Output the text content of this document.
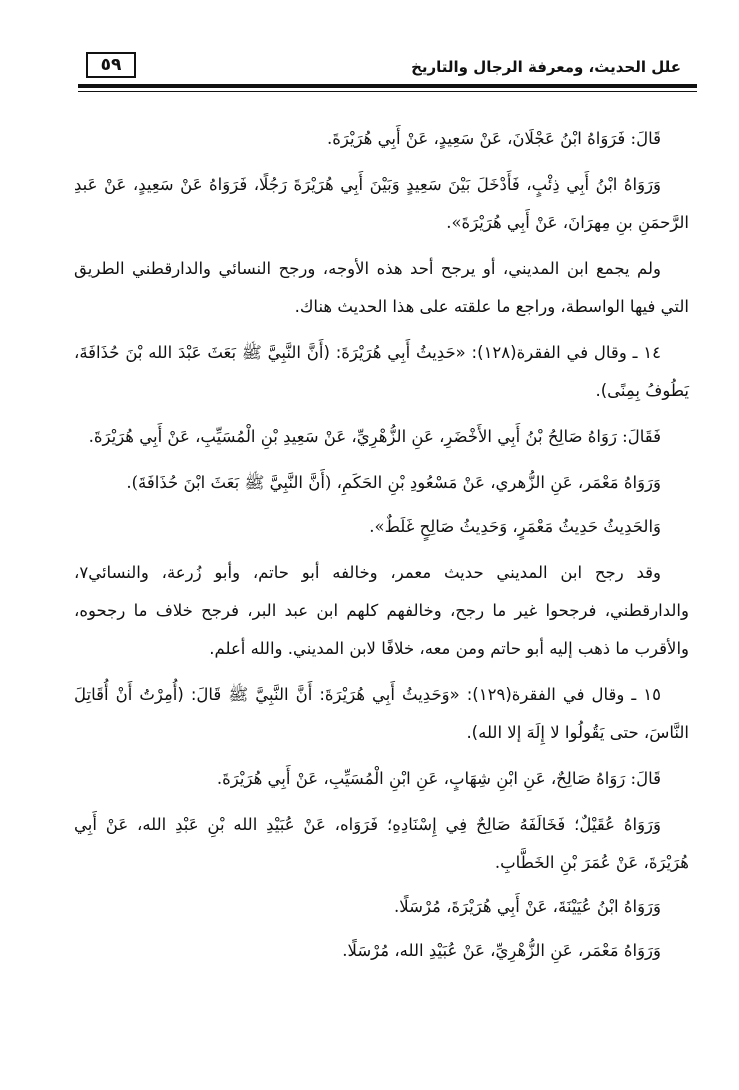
علل الحديث، ومعرفة الرجال والتاريخ
٥٩

قَالَ: فَرَوَاهُ ابْنُ عَجْلَانَ، عَنْ سَعِيدٍ، عَنْ أَبِي هُرَيْرَةَ.

وَرَوَاهُ ابْنُ أَبِي ذِئْبٍ، فَأَدْخَلَ بَيْنَ سَعِيدٍ وَبَيْنَ أَبِي هُرَيْرَةَ رَجُلًا، فَرَوَاهُ عَنْ سَعِيدٍ، عَنْ عَبدِ الرَّحمَنِ بنِ مِهرَانَ، عَنْ أَبِي هُرَيْرَةَ».

ولم يجمع ابن المديني، أو يرجح أحد هذه الأوجه، ورجح النسائي والدارقطني الطريق التي فيها الواسطة، وراجع ما علقته على هذا الحديث هناك.

١٤ ـ وقال في الفقرة(١٢٨): «حَدِيثُ أَبِي هُرَيْرَةَ: (أَنَّ النَّبِيَّ ﷺ بَعَثَ عَبْدَ الله بْنَ حُذَافَةَ، يَطُوفُ بِمِنًى).

فَقَالَ: رَوَاهُ صَالِحُ بْنُ أَبِي الأَخْضَرِ، عَنِ الزُّهْرِيِّ، عَنْ سَعِيدِ بْنِ الْمُسَيِّبِ، عَنْ أَبِي هُرَيْرَةَ.

وَرَوَاهُ مَعْمَر، عَنِ الزُّهري، عَنْ مَسْعُودِ بْنِ الحَكَمِ، (أَنَّ النَّبِيَّ ﷺ بَعَثَ ابْنَ حُذَافَةَ).

وَالحَدِيثُ حَدِيثُ مَعْمَرٍ، وَحَدِيثُ صَالِحٍ غَلَطٌ».

وقد رجح ابن المديني حديث معمر، وخالفه أبو حاتم، وأبو زُرعة، والنسائي٧، والدارقطني، فرجحوا غير ما رجح، وخالفهم كلهم ابن عبد البر، فرجح خلاف ما رجحوه، والأقرب ما ذهب إليه أبو حاتم ومن معه، خلافًا لابن المديني. والله أعلم.

١٥ ـ وقال في الفقرة(١٢٩): «وَحَدِيثُ أَبِي هُرَيْرَةَ: أَنَّ النَّبِيَّ ﷺ قَالَ: (أُمِرْتُ أَنْ أُقَاتِلَ النَّاسَ، حتى يَقُولُوا لا إِلَهَ إلا الله).

قَالَ: رَوَاهُ صَالِحٌ، عَنِ ابْنِ شِهَابٍ، عَنِ ابْنِ الْمُسَيِّبِ، عَنْ أَبِي هُرَيْرَةَ.

وَرَوَاهُ عُقَيْلٌ؛ فَخَالَفَهُ صَالِحٌ فِي إِسْنَادِهِ؛ فَرَوَاه، عَنْ عُبَيْدِ الله بْنِ عَبْدِ الله، عَنْ أَبِي هُرَيْرَةَ، عَنْ عُمَرَ بْنِ الخَطَّابِ.

وَرَوَاهُ ابْنُ عُيَيْنَةَ، عَنْ أَبِي هُرَيْرَةَ، مُرْسَلًا.

وَرَوَاهُ مَعْمَر، عَنِ الزُّهْرِيِّ، عَنْ عُبَيْدِ الله، مُرْسَلًا.
